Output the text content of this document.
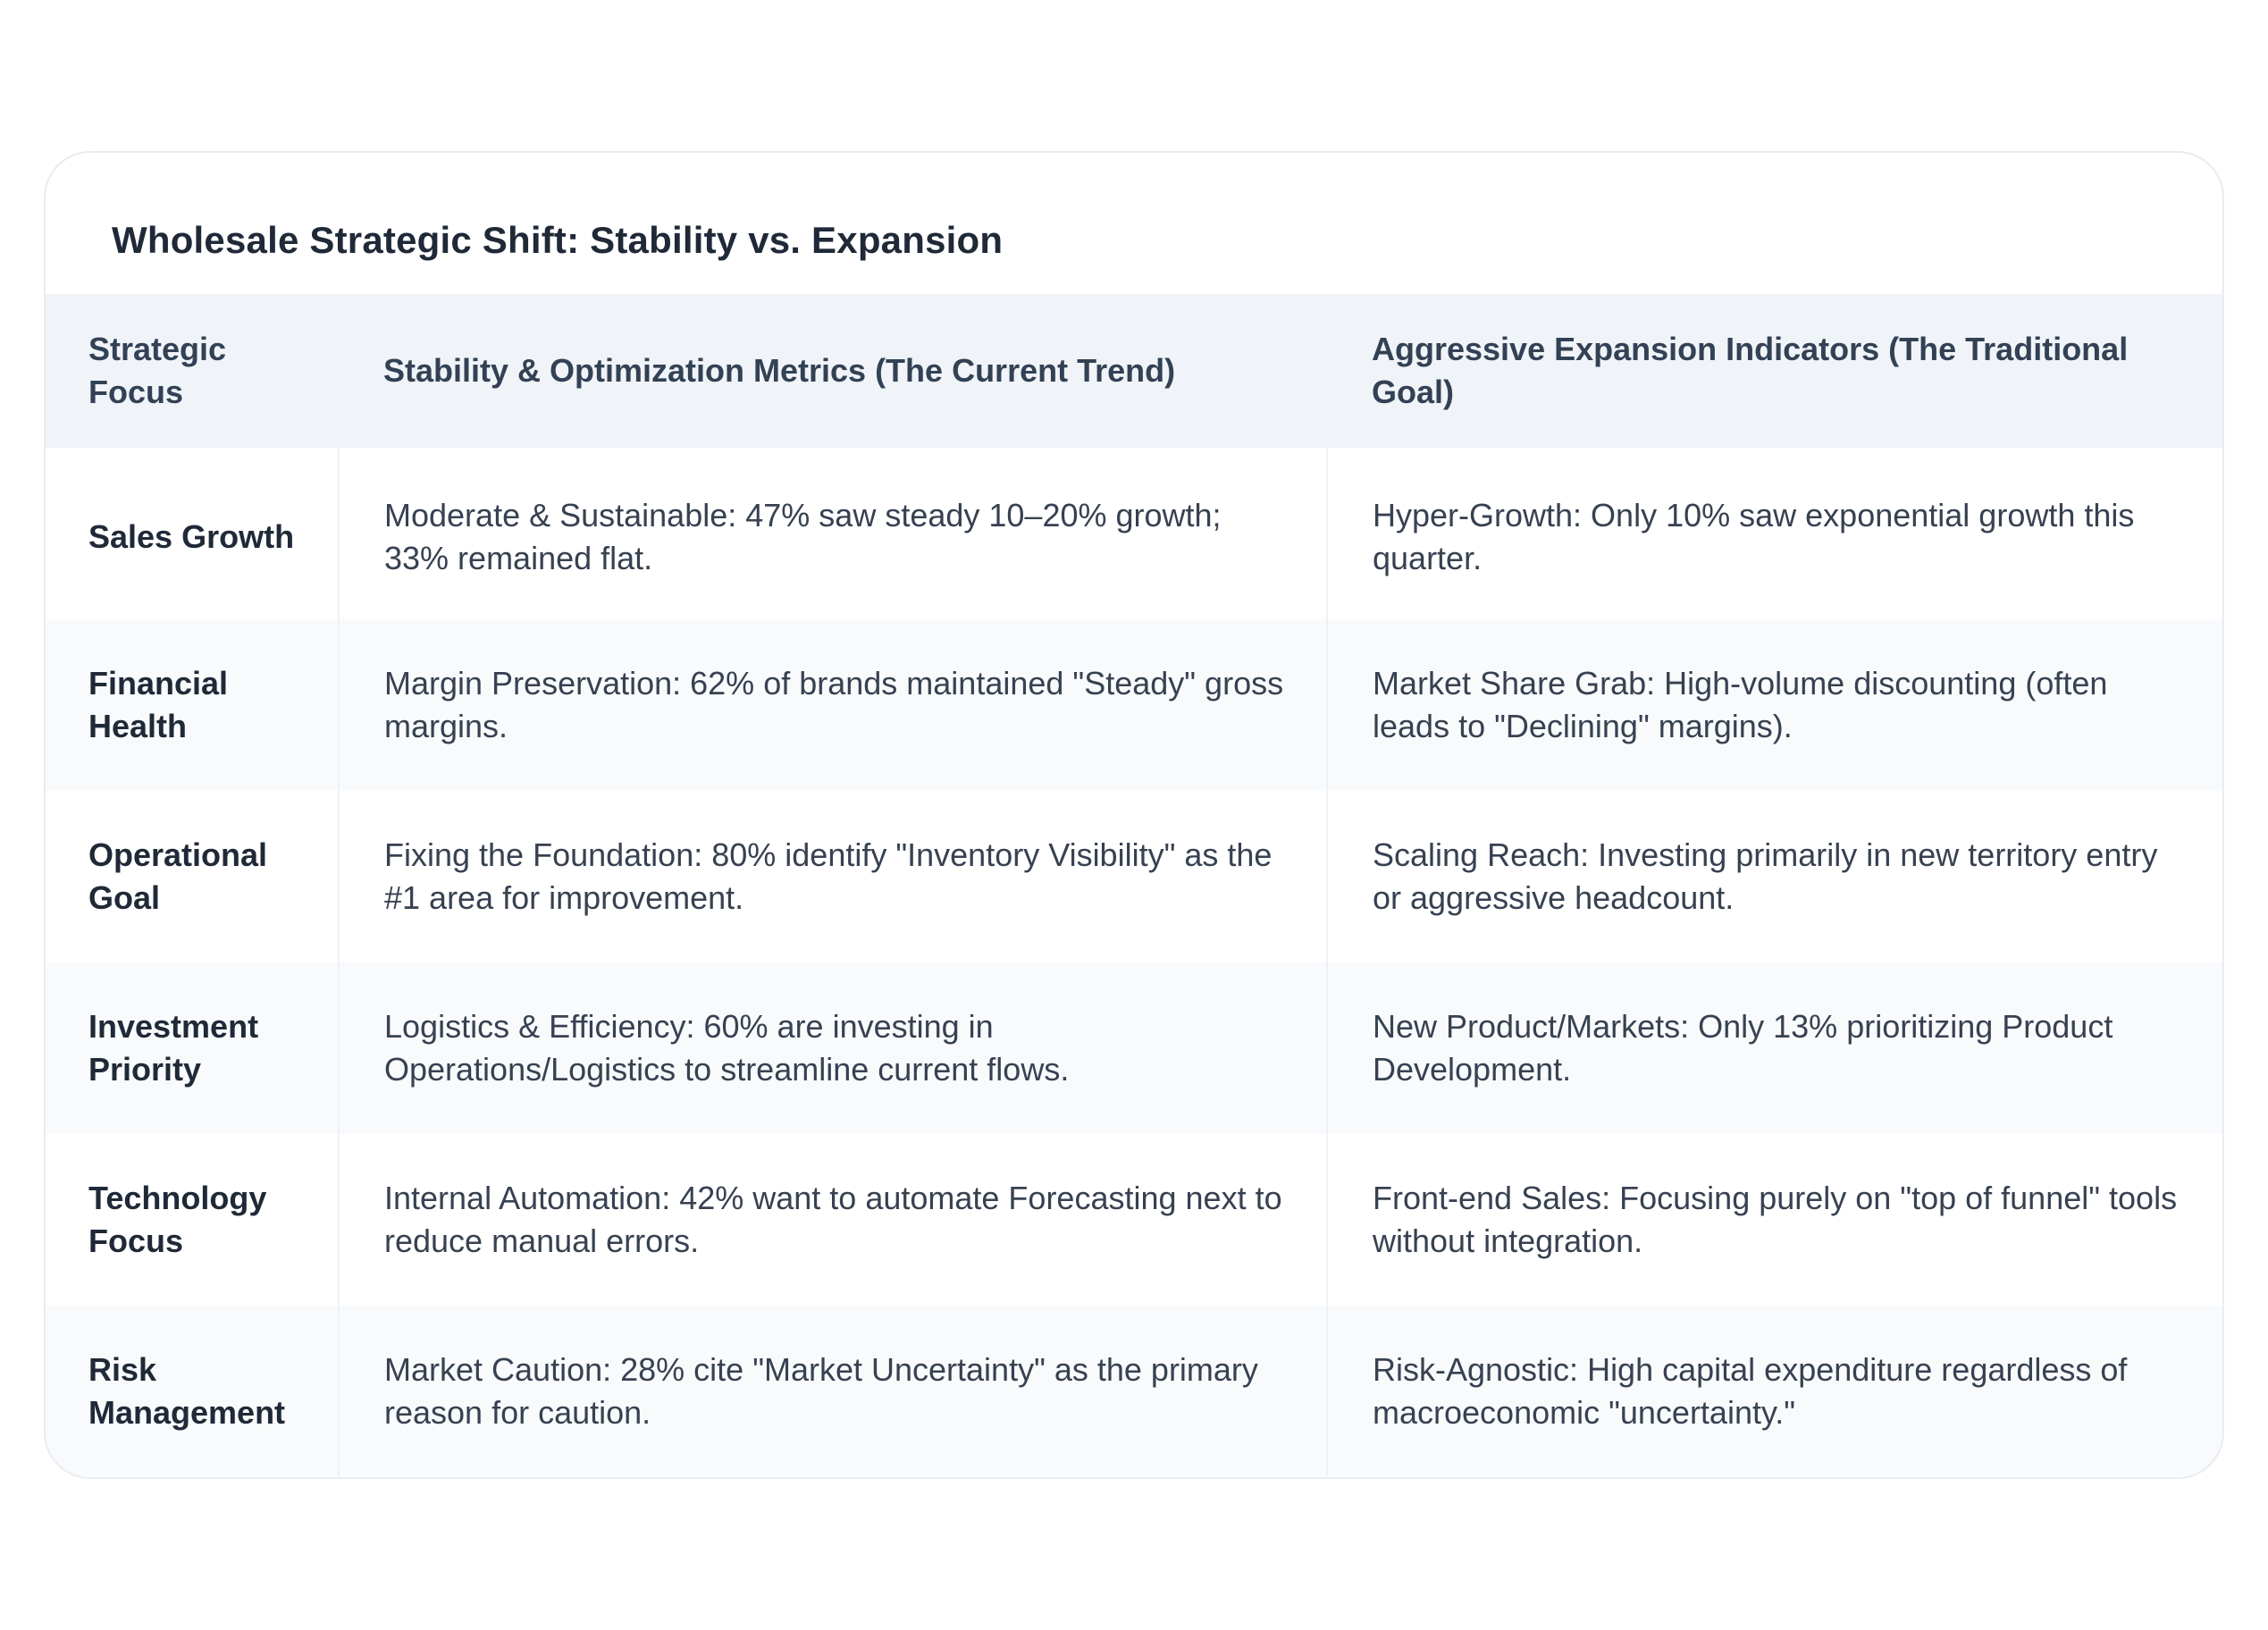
Wholesale Strategic Shift: Stability vs. Expansion
Strategic Focus	Stability & Optimization Metrics (The Current Trend)	Aggressive Expansion Indicators (The Traditional Goal)
Sales Growth	Moderate & Sustainable: 47% saw steady 10–20% growth; 33% remained flat.	Hyper-Growth: Only 10% saw exponential growth this quarter.
Financial Health	Margin Preservation: 62% of brands maintained "Steady" gross margins.	Market Share Grab: High-volume discounting (often leads to "Declining" margins).
Operational Goal	Fixing the Foundation: 80% identify "Inventory Visibility" as the #1 area for improvement.	Scaling Reach: Investing primarily in new territory entry or aggressive headcount.
Investment Priority	Logistics & Efficiency: 60% are investing in Operations/Logistics to streamline current flows.	New Product/Markets: Only 13% prioritizing Product Development.
Technology Focus	Internal Automation: 42% want to automate Forecasting next to reduce manual errors.	Front-end Sales: Focusing purely on "top of funnel" tools without integration.
Risk Management	Market Caution: 28% cite "Market Uncertainty" as the primary reason for caution.	Risk-Agnostic: High capital expenditure regardless of macroeconomic "uncertainty."
